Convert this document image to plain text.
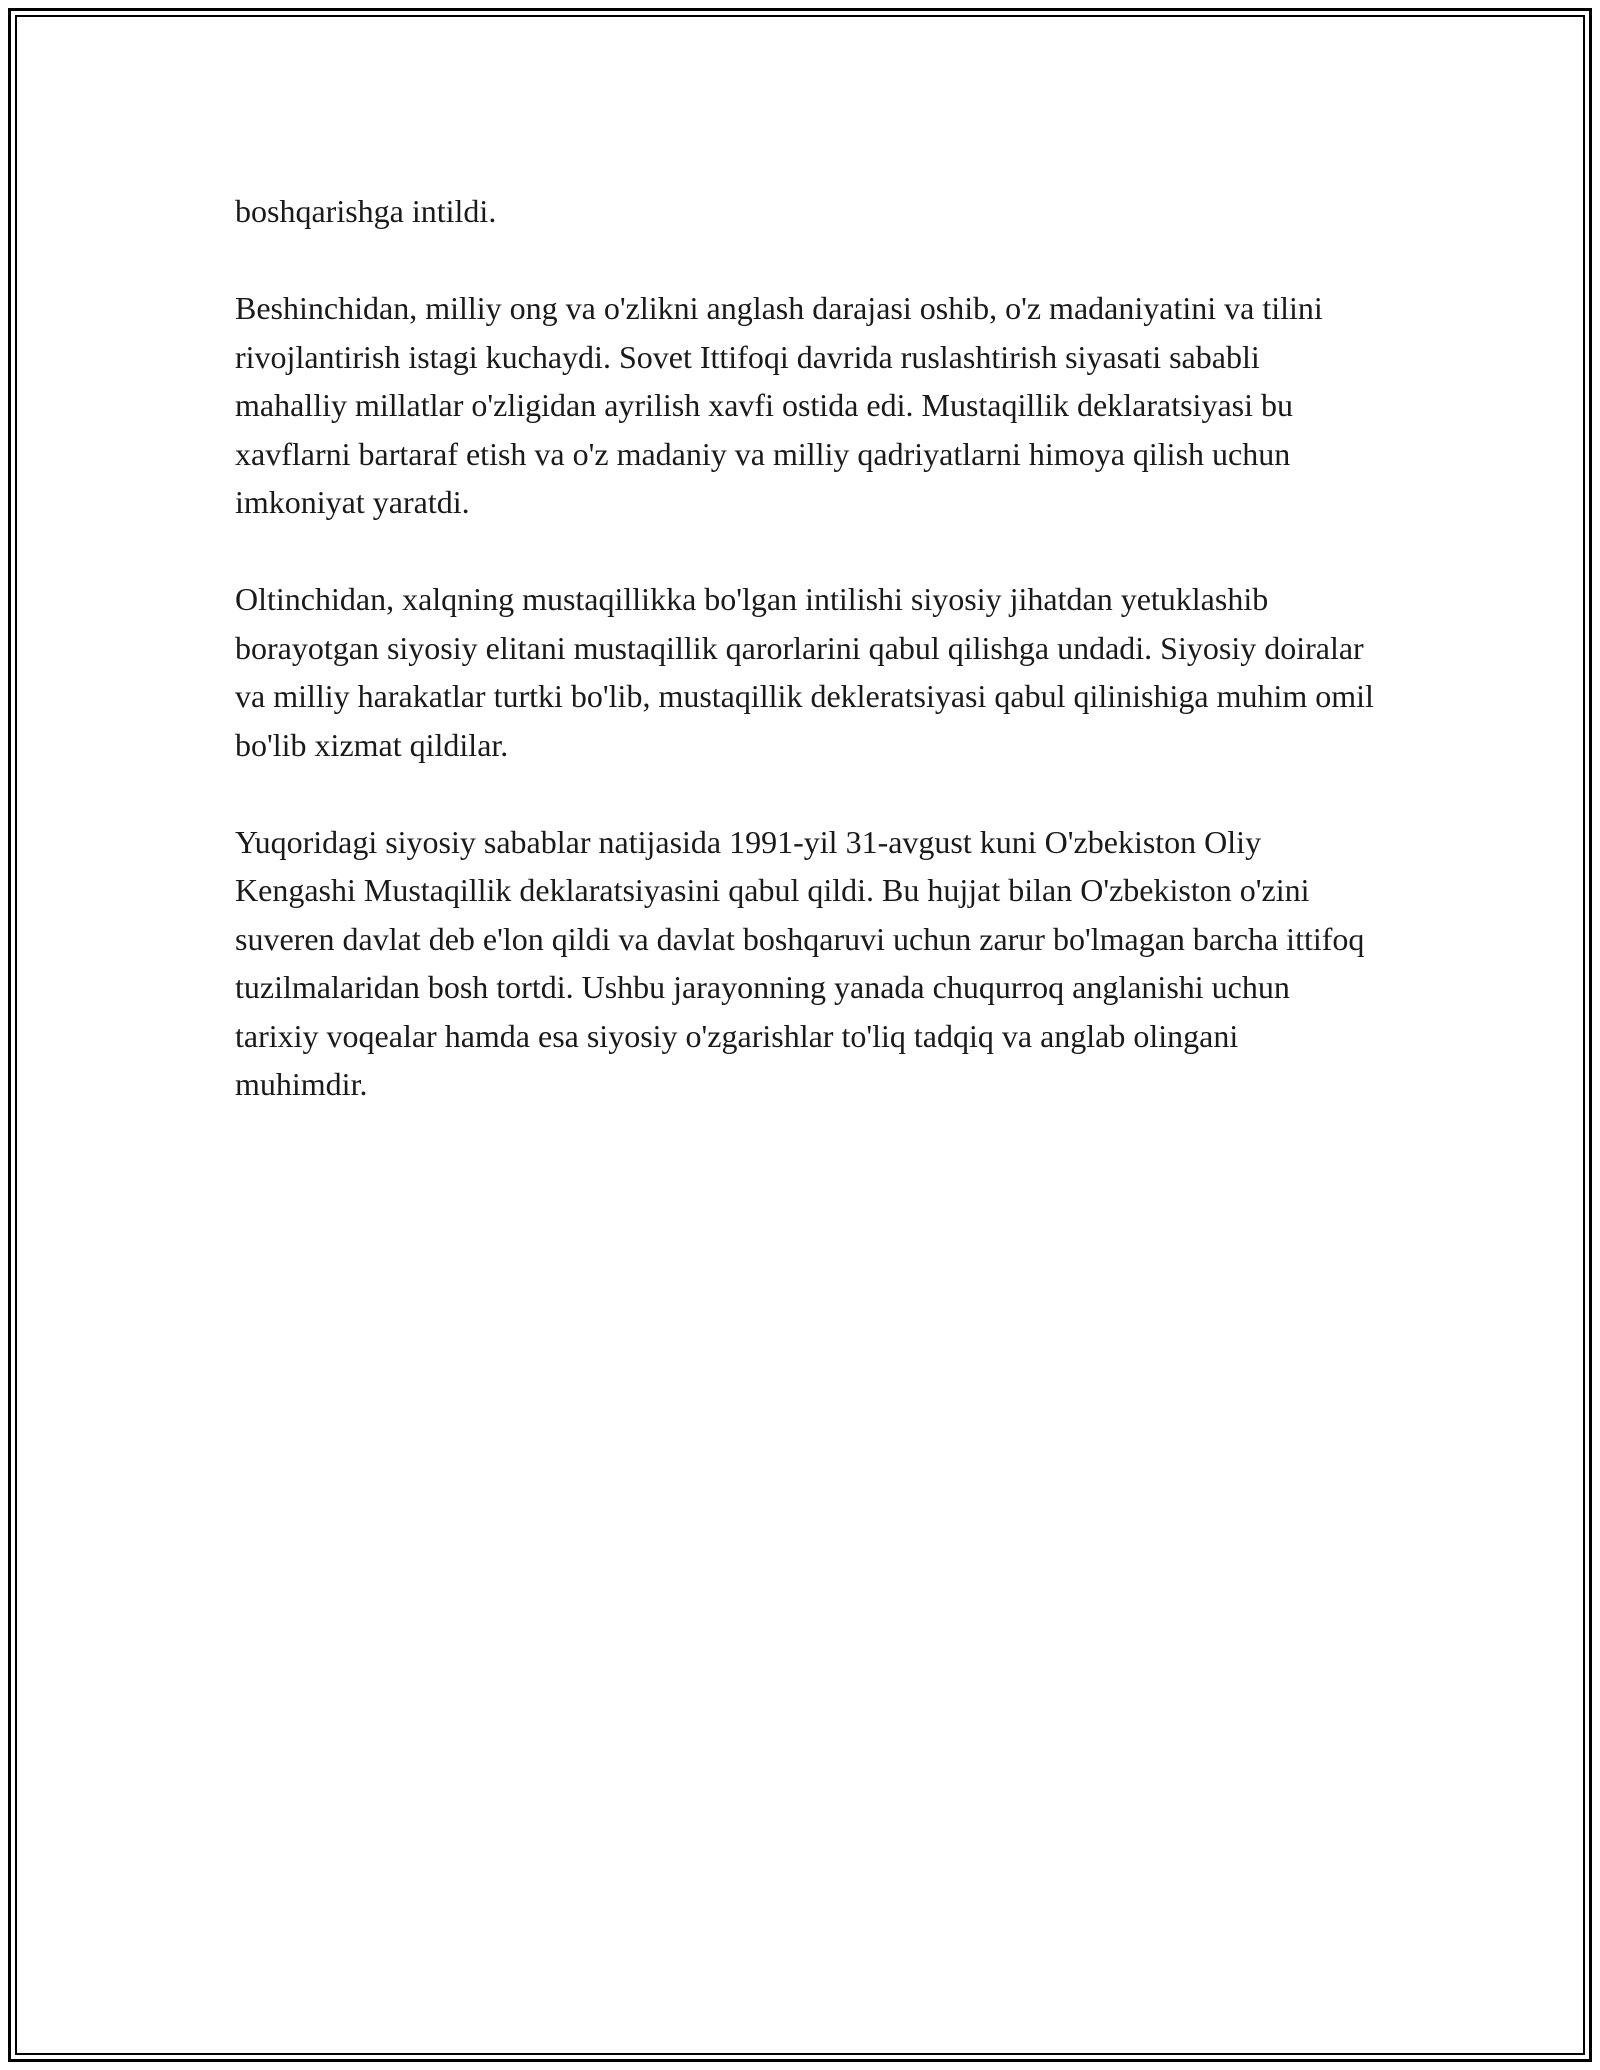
boshqarishga intildi.

Beshinchidan, milliy ong va o'zlikni anglash darajasi oshib, o'z madaniyatini va tilini rivojlantirish istagi kuchaydi. Sovet Ittifoqi davrida ruslashtirish siyasati sababli mahalliy millatlar o'zligidan ayrilish xavfi ostida edi. Mustaqillik deklaratsiyasi bu xavflarni bartaraf etish va o'z madaniy va milliy qadriyatlarni himoya qilish uchun imkoniyat yaratdi.

Oltinchidan, xalqning mustaqillikka bo'lgan intilishi siyosiy jihatdan yetuklashib borayotgan siyosiy elitani mustaqillik qarorlarini qabul qilishga undadi. Siyosiy doiralar va milliy harakatlar turtki bo'lib, mustaqillik dekleratsiyasi qabul qilinishiga muhim omil bo'lib xizmat qildilar.

Yuqoridagi siyosiy sabablar natijasida 1991-yil 31-avgust kuni O'zbekiston Oliy Kengashi Mustaqillik deklaratsiyasini qabul qildi. Bu hujjat bilan O'zbekiston o'zini suveren davlat deb e'lon qildi va davlat boshqaruvi uchun zarur bo'lmagan barcha ittifoq tuzilmalaridan bosh tortdi. Ushbu jarayonning yanada chuqurroq anglanishi uchun tarixiy voqealar hamda esa siyosiy o'zgarishlar to'liq tadqiq va anglab olingani muhimdir.
